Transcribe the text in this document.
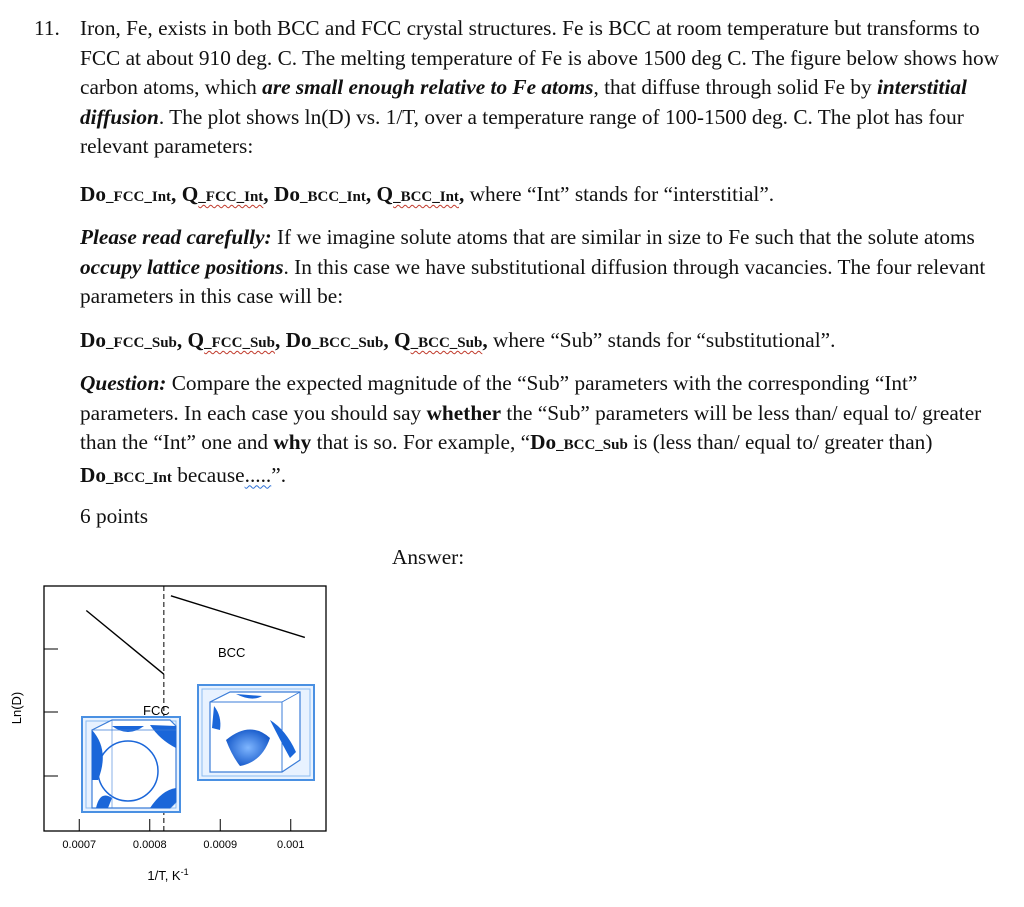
11. Iron, Fe, exists in both BCC and FCC crystal structures. Fe is BCC at room temperature but transforms to FCC at about 910 deg. C. The melting temperature of Fe is above 1500 deg C. The figure below shows how carbon atoms, which are small enough relative to Fe atoms, that diffuse through solid Fe by interstitial diffusion. The plot shows ln(D) vs. 1/T, over a temperature range of 100-1500 deg. C. The plot has four relevant parameters:

Do_FCC_Int, Q_FCC_Int, Do_BCC_Int, Q_BCC_Int, where “Int” stands for “interstitial”.

Please read carefully: If we imagine solute atoms that are similar in size to Fe such that the solute atoms occupy lattice positions. In this case we have substitutional diffusion through vacancies. The four relevant parameters in this case will be:

Do_FCC_Sub, Q_FCC_Sub, Do_BCC_Sub, Q_BCC_Sub, where “Sub” stands for “substitutional”.

Question: Compare the expected magnitude of the “Sub” parameters with the corresponding “Int” parameters. In each case you should say whether the “Sub” parameters will be less than/ equal to/ greater than the “Int” one and why that is so. For example, “Do_BCC_Sub is (less than/ equal to/ greater than) Do_BCC_Int because.....”.

6 points

Answer:
FCC
BCC
0.0007	0.0008	0.0009	0.001
1/T, $K^{-1}$
Ln(D)
